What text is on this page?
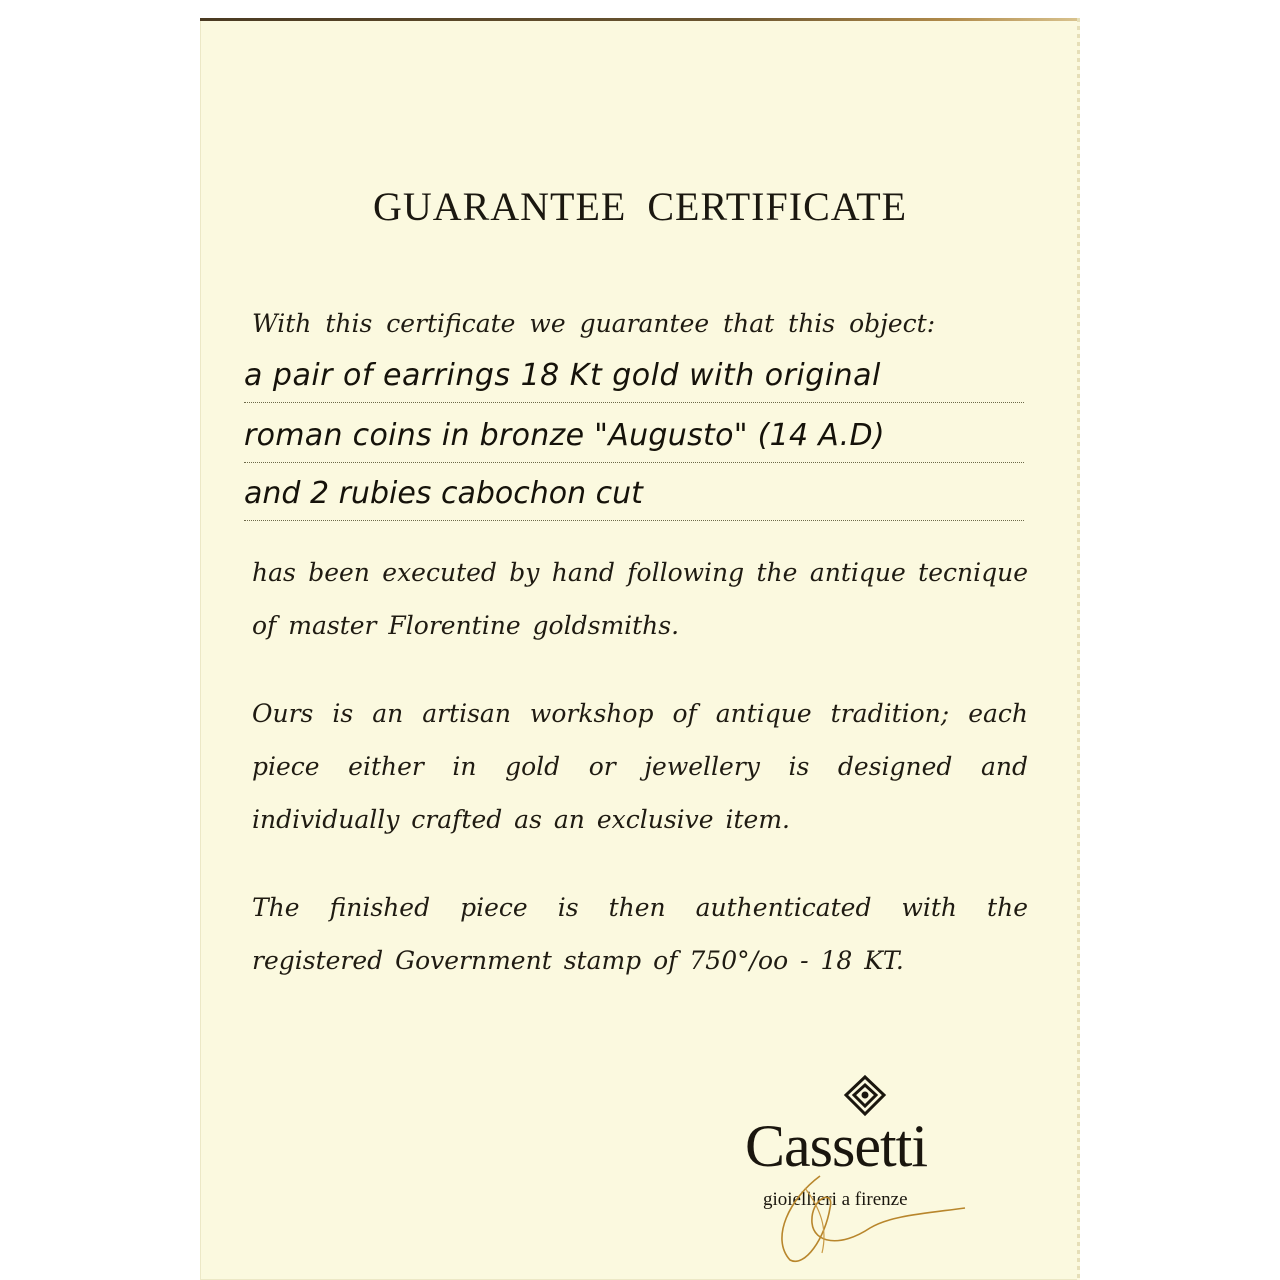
GUARANTEE CERTIFICATE
With this certificate we guarantee that this object:
a pair of earrings 18 Kt gold with original
roman coins in bronze "Augusto" (14 A.D)
and 2 rubies cabochon cut
has been executed by hand following the antique tecnique of master Florentine goldsmiths.
Ours is an artisan workshop of antique tradition; each piece either in gold or jewellery is designed and individually crafted as an exclusive item.
The finished piece is then authenticated with the registered Government stamp of 750°/oo - 18 KT.
Cassetti
gioiellieri a firenze
